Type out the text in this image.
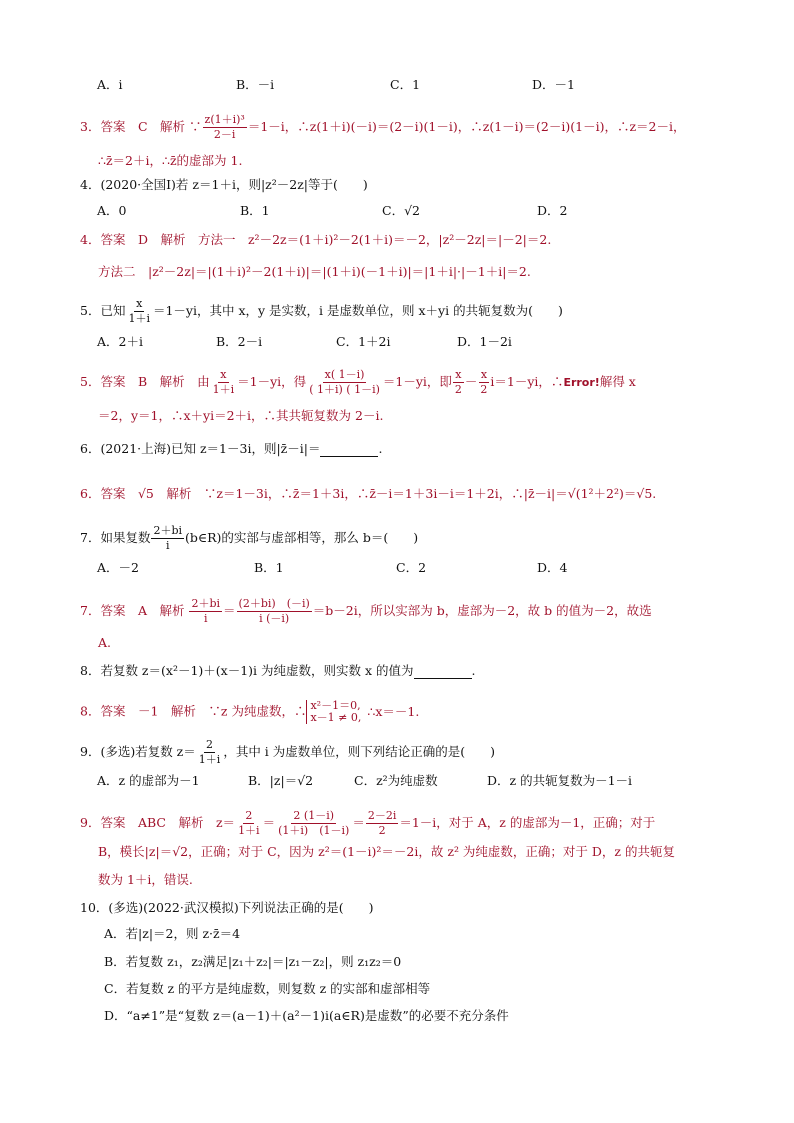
A．i	B．－i	C．1	D．－1
3．答案　C　解析 ∵ $\frac{\text{z(1＋i)³}}{2-i} =1-i$，∴z(1＋i)(－i)＝(2－i)(1－i)，∴z(1－i)＝(2－i)(1－i)，∴z＝2－i，
∴z̄＝2＋i，∴z̄的虚部为 1.
4．(2020·全国Ⅰ)若 z＝1＋i，则|z²－2z|等于(　　)
A．0	B．1	C．√2	D．2
4．答案　D　解析　方法一　z²－2z＝(1＋i)²－2(1＋i)＝－2，|z²－2z|＝|－2|＝2.
方法二　|z²－2z|＝|(1＋i)²－2(1＋i)|＝|(1＋i)(－1＋i)|＝|1＋i|·|－1＋i|＝2.
5．已知 $\frac{x}{1+i} =1-yi$，其中 x，y 是实数，i 是虚数单位，则 x＋yi 的共轭复数为(　　)
A．2＋i	B．2－i	C．1＋2i	D．1－2i
5．答案　B　解析　由 $\frac{x}{1+i} =1-yi$，得 $\frac{x( 1-i)}{( 1+i) ( 1-i)} =1-yi$，即 $\frac{x}{2} - \frac{x}{2} i=1-yi$，∴Error!解得 x
＝2，y＝1，∴x＋yi＝2＋i，∴其共轭复数为 2－i.
6．(2021·上海)已知 z＝1－3i，则|z̄－i|＝	.
6．答案　√5　解析　∵z＝1－3i，∴z̄＝1＋3i，∴z̄－i＝1＋3i－i＝1＋2i，∴|z̄－i|＝√(1²＋2²)＝√5.
7．如果复数 $\frac{2+bi}{i}$ (b∈R)的实部与虚部相等，那么 b＝(　　)
A．－2	B．1	C．2	D．4
7．答案　A　解析 $\frac{2+bi}{i} = \frac{(2+bi) (-i)}{i (-i)} =b-2i$，所以实部为 b，虚部为－2，故 b 的值为－2，故选
A.
8．若复数 z＝(x²－1)＋(x－1)i 为纯虚数，则实数 x 的值为	.
8．答案　－1　解析　∵z 为纯虚数，∴ x²－1＝0,
x－1 ≠ 0, ∴x＝－1.
9．(多选)若复数 $z= \frac{2}{1+i}$ ，其中 i 为虚数单位，则下列结论正确的是(　　)
A．z 的虚部为－1	B．|z|＝√2	C．z²为纯虚数	D．z 的共轭复数为－1－i
9．答案　ABC　解析　$z= \frac{2}{1+i} = \frac{2 (1-i)}{(1+i) (1-i)} = \frac{2-2i}{2} =1-i$，对于 A，z 的虚部为－1，正确；对于
B，模长|z|＝√2，正确；对于 C，因为 z²＝(1－i)²＝－2i，故 z² 为纯虚数，正确；对于 D，z 的共轭复
数为 1＋i，错误.
10．(多选)(2022·武汉模拟)下列说法正确的是(　　)
A．若|z|＝2，则 z·z̄＝4
B．若复数 z₁，z₂满足|z₁＋z₂|＝|z₁－z₂|，则 z₁z₂＝0
C．若复数 z 的平方是纯虚数，则复数 z 的实部和虚部相等
D．“a≠1”是“复数 z＝(a－1)＋(a²－1)i(a∈R)是虚数”的必要不充分条件
